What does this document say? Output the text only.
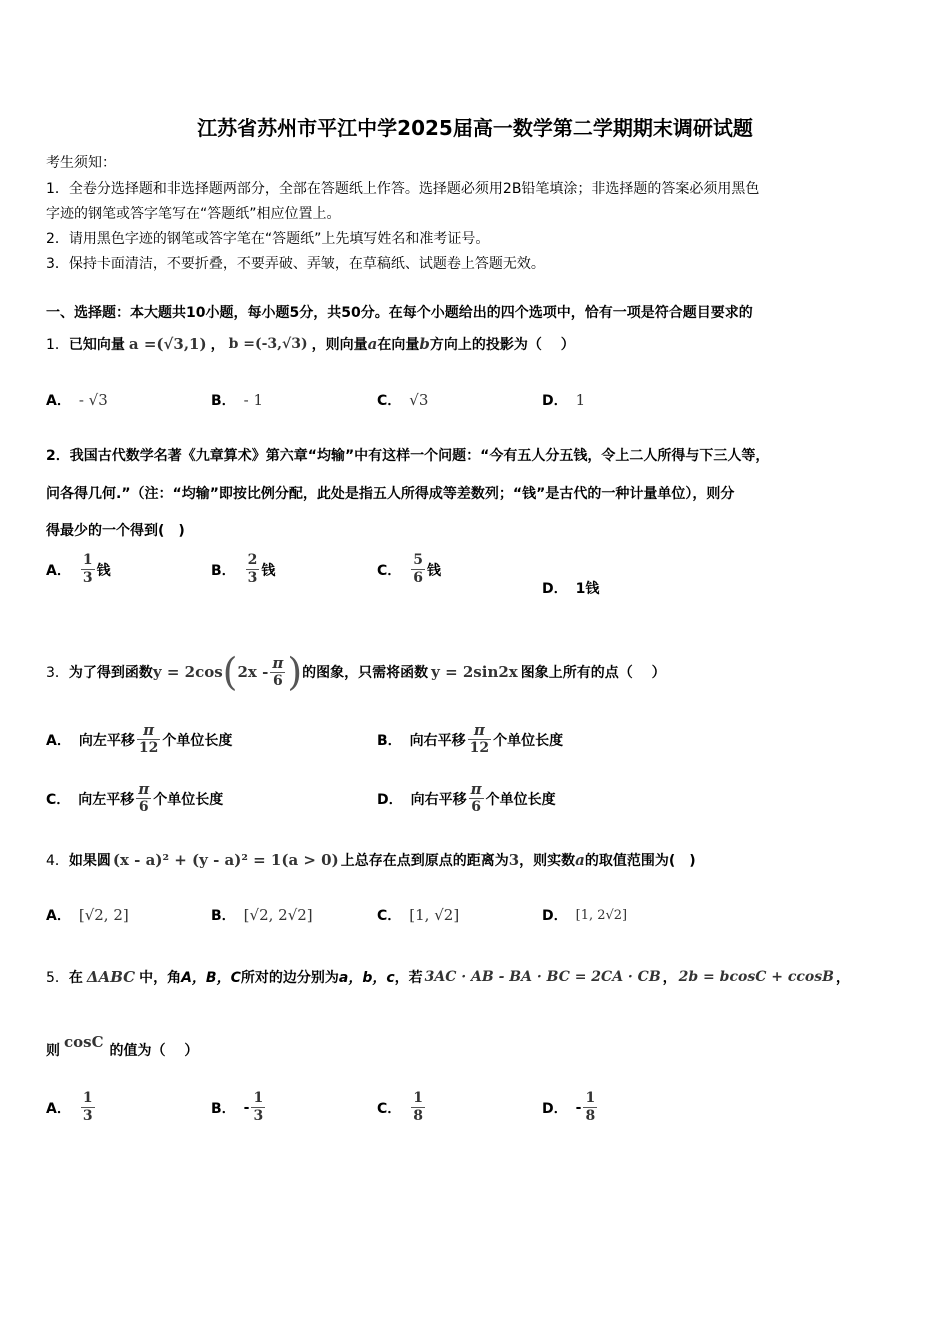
江苏省苏州市平江中学2025届高一数学第二学期期末调研试题
考生须知：
1．全卷分选择题和非选择题两部分，全部在答题纸上作答。选择题必须用2B铅笔填涂；非选择题的答案必须用黑色
字迹的钢笔或答字笔写在“答题纸”相应位置上。
2．请用黑色字迹的钢笔或答字笔在“答题纸”上先填写姓名和准考证号。
3．保持卡面清洁，不要折叠，不要弄破、弄皱，在草稿纸、试题卷上答题无效。
一、选择题：本大题共10小题，每小题5分，共50分。在每个小题给出的四个选项中，恰有一项是符合题目要求的
1． 已知向量 a =(√3,1) ， b =(-3,√3) ，则向量 a 在向量 b 方向上的投影为（　 ）
A． - √3	B． - 1	C． √3	D． 1
2．我国古代数学名著《九章算术》第六章“均输”中有这样一个问题：“今有五人分五钱，令上二人所得与下三人等，
问各得几何.”（注：“均输”即按比例分配，此处是指五人所得成等差数列；“钱”是古代的一种计量单位），则分
得最少的一个得到(　)
A． $\frac{1}{3}$ 钱	B． $\frac{2}{3}$ 钱	C． $\frac{5}{6}$ 钱
D． 1钱
3． 为了得到函数 y = 2cos ( $2x - \frac{\pi}{6}$ ) 的图象，只需将函数 y = 2sin2x 图象上所有的点（　 ）
A． 向左平移 $\frac{\pi}{12}$ 个单位长度	B． 向右平移 $\frac{\pi}{12}$ 个单位长度
C． 向左平移 $\frac{\pi}{6}$ 个单位长度	D． 向右平移 $\frac{\pi}{6}$ 个单位长度
4． 如果圆 (x - a)² + (y - a)² = 1(a > 0) 上总存在点到原点的距离为 3 ，则实数 a 的取值范围为(　)
A． [√2, 2]	B． [√2, 2√2]	C． [1, √2]	D． [1, 2√2]
5． 在 ΔABC 中，角 A，B，C 所对的边分别为 a，b，c ，若 3AC · AB - BA · BC = 2CA · CB ， 2b = bcosC + ccosB ，
则 cosC 的值为（　 ）
A． $\frac{1}{3}$	B． - $\frac{1}{3}$	C． $\frac{1}{8}$	D． - $\frac{1}{8}$
